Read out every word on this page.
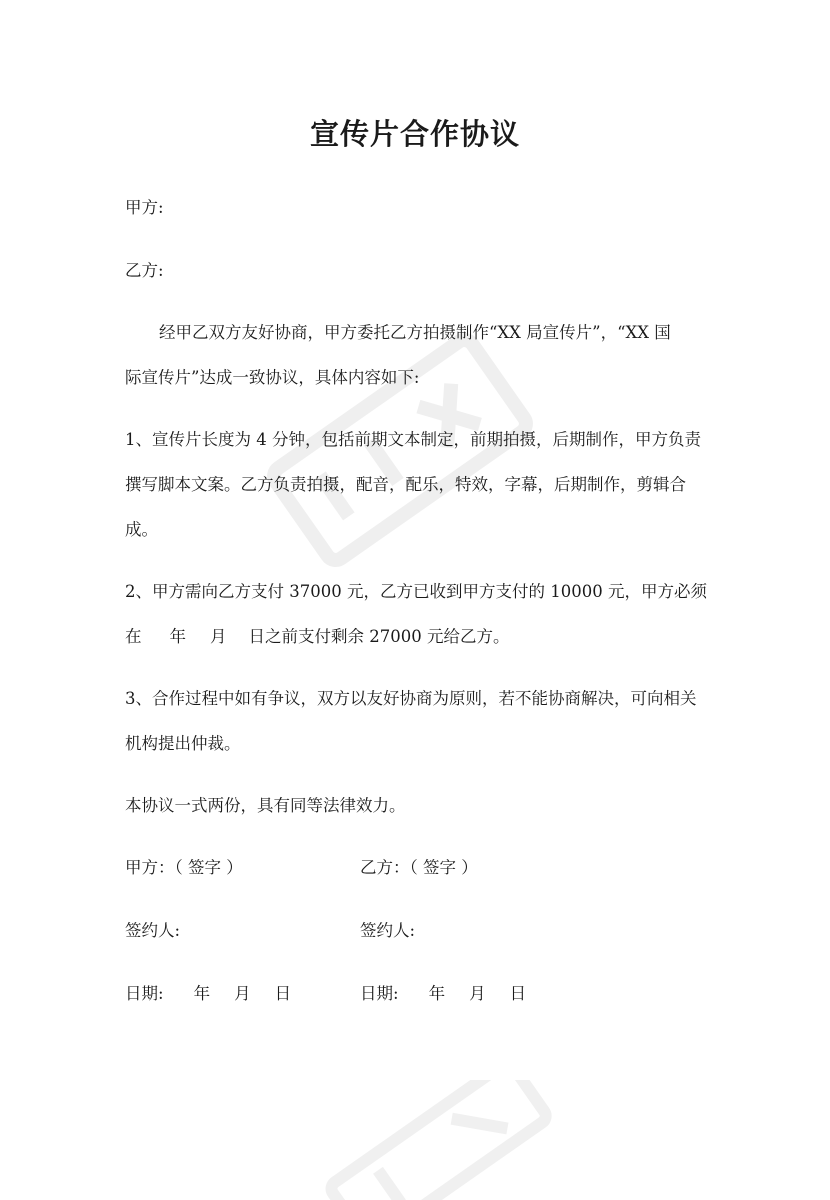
宣传片合作协议

甲方:

乙方:

经甲乙双方友好协商，甲方委托乙方拍摄制作“XX 局宣传片”，“XX 国

际宣传片”达成一致协议，具体内容如下:

1、宣传片长度为 4 分钟，包括前期文本制定，前期拍摄，后期制作，甲方负责

撰写脚本文案。乙方负责拍摄，配音，配乐，特效，字幕，后期制作，剪辑合

成。

2、甲方需向乙方支付 37000 元，乙方已收到甲方支付的 10000 元，甲方必须

在 年 月 日之前支付剩余 27000 元给乙方。

3、合作过程中如有争议，双方以友好协商为原则，若不能协商解决，可向相关

机构提出仲裁。

本协议一式两份，具有同等法律效力。

甲方：（ 签字 ）
签约人:
日期: 年 月 日
乙方：（ 签字 ）
签约人:
日期: 年 月 日
